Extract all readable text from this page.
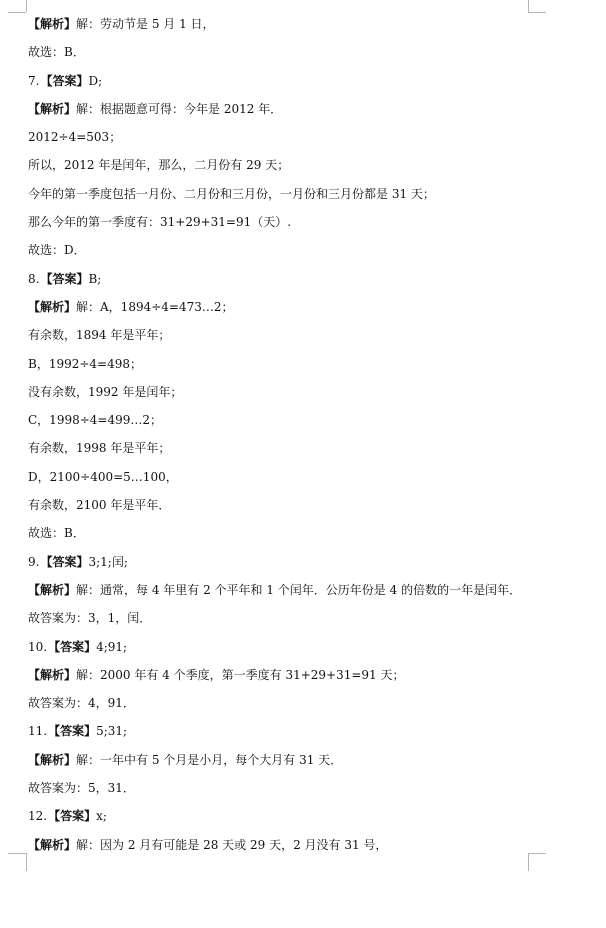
【解析】解：劳动节是 5 月 1 日，
故选：B．
7.【答案】D;
【解析】解：根据题意可得：今年是 2012 年．
2012÷4=503；
所以，2012 年是闰年，那么，二月份有 29 天；
今年的第一季度包括一月份、二月份和三月份，一月份和三月份都是 31 天；
那么今年的第一季度有：31+29+31=91（天）.
故选：D．
8.【答案】B;
【解析】解：A，1894÷4=473…2；
有余数，1894 年是平年；
B，1992÷4=498；
没有余数，1992 年是闰年；
C，1998÷4=499…2；
有余数，1998 年是平年；
D，2100÷400=5…100，
有余数，2100 年是平年．
故选：B．
9.【答案】3;1;闰;
【解析】解：通常，每 4 年里有 2 个平年和 1 个闰年．公历年份是 4 的倍数的一年是闰年．
故答案为：3，1，闰．
10.【答案】4;91;
【解析】解：2000 年有 4 个季度，第一季度有 31+29+31=91 天；
故答案为：4，91．
11.【答案】5;31;
【解析】解：一年中有 5 个月是小月，每个大月有 31 天．
故答案为：5，31．
12.【答案】x;
【解析】解：因为 2 月有可能是 28 天或 29 天，2 月没有 31 号，
